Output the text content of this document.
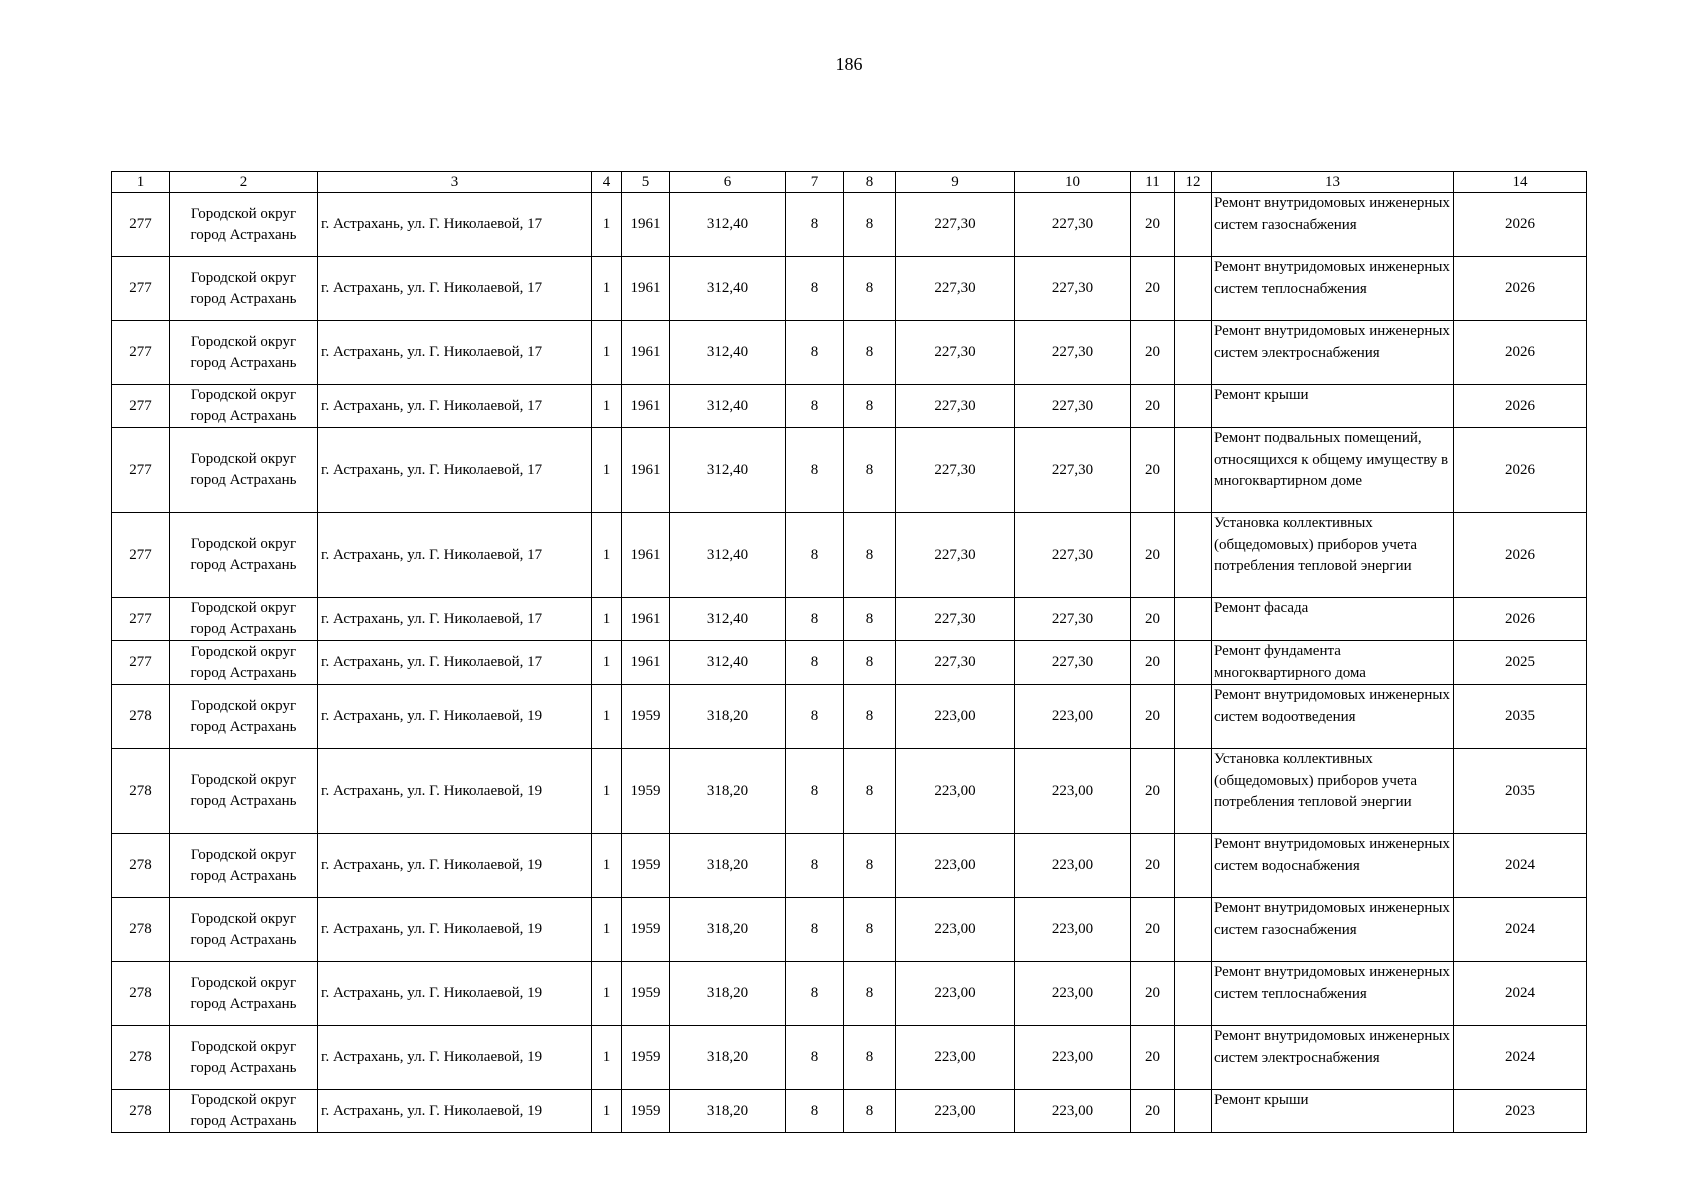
186
1	2	3	4	5	6	7	8	9	10	11	12	13	14
277	Городской округ город Астрахань	г. Астрахань, ул. Г. Николаевой, 17	1	1961	312,40	8	8	227,30	227,30	20		Ремонт внутридомовых инженерных систем газоснабжения	2026
277	Городской округ город Астрахань	г. Астрахань, ул. Г. Николаевой, 17	1	1961	312,40	8	8	227,30	227,30	20		Ремонт внутридомовых инженерных систем теплоснабжения	2026
277	Городской округ город Астрахань	г. Астрахань, ул. Г. Николаевой, 17	1	1961	312,40	8	8	227,30	227,30	20		Ремонт внутридомовых инженерных систем электроснабжения	2026
277	Городской округ город Астрахань	г. Астрахань, ул. Г. Николаевой, 17	1	1961	312,40	8	8	227,30	227,30	20		Ремонт крыши	2026
277	Городской округ город Астрахань	г. Астрахань, ул. Г. Николаевой, 17	1	1961	312,40	8	8	227,30	227,30	20		Ремонт подвальных помещений, относящихся к общему имуществу в многоквартирном доме	2026
277	Городской округ город Астрахань	г. Астрахань, ул. Г. Николаевой, 17	1	1961	312,40	8	8	227,30	227,30	20		Установка коллективных (общедомовых) приборов учета потребления тепловой энергии	2026
277	Городской округ город Астрахань	г. Астрахань, ул. Г. Николаевой, 17	1	1961	312,40	8	8	227,30	227,30	20		Ремонт фасада	2026
277	Городской округ город Астрахань	г. Астрахань, ул. Г. Николаевой, 17	1	1961	312,40	8	8	227,30	227,30	20		Ремонт фундамента многоквартирного дома	2025
278	Городской округ город Астрахань	г. Астрахань, ул. Г. Николаевой, 19	1	1959	318,20	8	8	223,00	223,00	20		Ремонт внутридомовых инженерных систем водоотведения	2035
278	Городской округ город Астрахань	г. Астрахань, ул. Г. Николаевой, 19	1	1959	318,20	8	8	223,00	223,00	20		Установка коллективных (общедомовых) приборов учета потребления тепловой энергии	2035
278	Городской округ город Астрахань	г. Астрахань, ул. Г. Николаевой, 19	1	1959	318,20	8	8	223,00	223,00	20		Ремонт внутридомовых инженерных систем водоснабжения	2024
278	Городской округ город Астрахань	г. Астрахань, ул. Г. Николаевой, 19	1	1959	318,20	8	8	223,00	223,00	20		Ремонт внутридомовых инженерных систем газоснабжения	2024
278	Городской округ город Астрахань	г. Астрахань, ул. Г. Николаевой, 19	1	1959	318,20	8	8	223,00	223,00	20		Ремонт внутридомовых инженерных систем теплоснабжения	2024
278	Городской округ город Астрахань	г. Астрахань, ул. Г. Николаевой, 19	1	1959	318,20	8	8	223,00	223,00	20		Ремонт внутридомовых инженерных систем электроснабжения	2024
278	Городской округ город Астрахань	г. Астрахань, ул. Г. Николаевой, 19	1	1959	318,20	8	8	223,00	223,00	20		Ремонт крыши	2023
